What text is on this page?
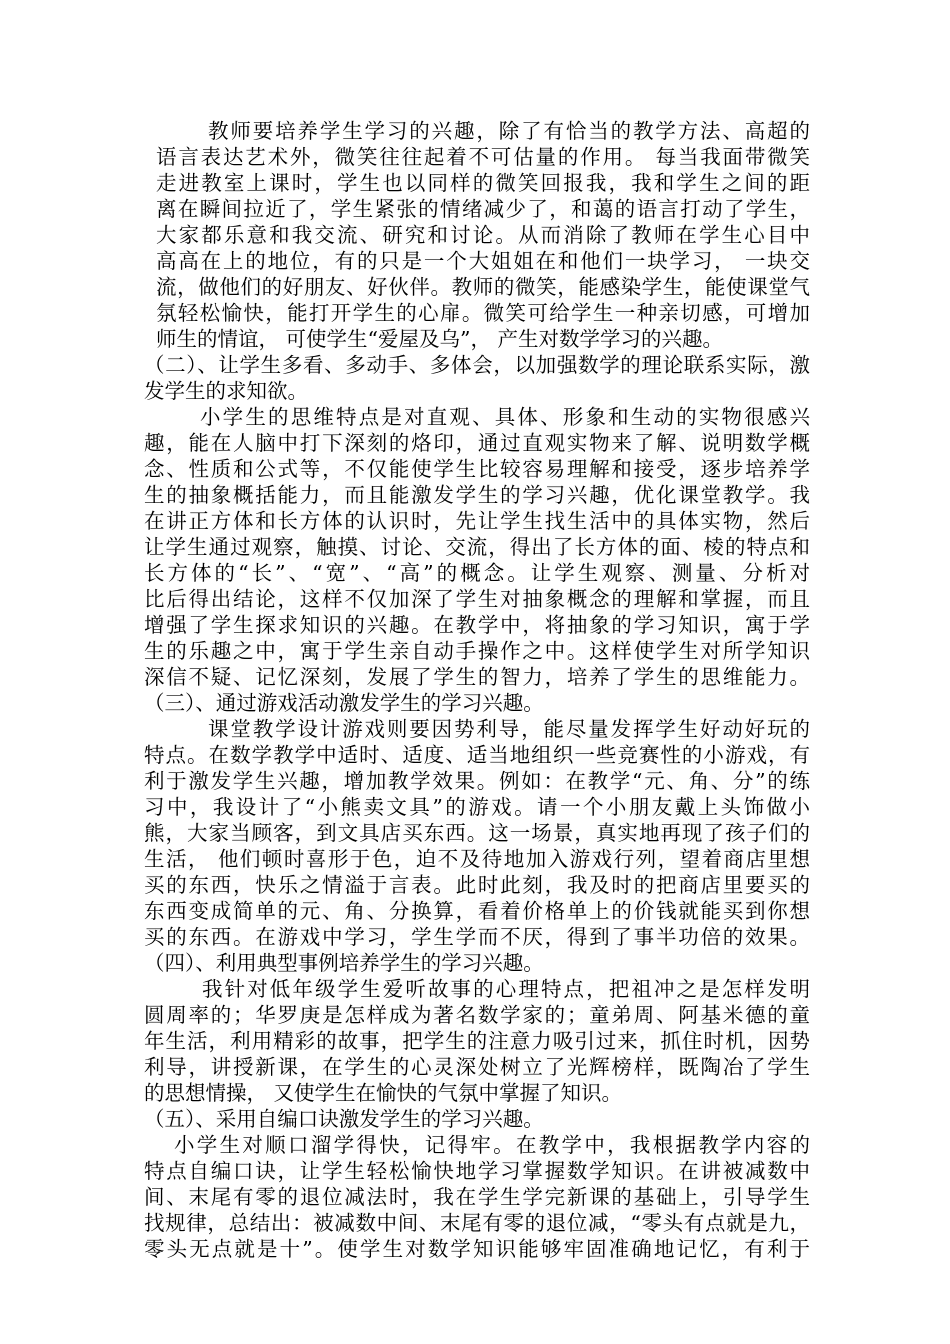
教师要培养学生学习的兴趣，除了有恰当的教学方法、高超的
语言表达艺术外，微笑往往起着不可估量的作用。 每当我面带微笑
走进教室上课时，学生也以同样的微笑回报我，我和学生之间的距
离在瞬间拉近了，学生紧张的情绪减少了，和蔼的语言打动了学生，
大家都乐意和我交流、研究和讨论。从而消除了教师在学生心目中
高高在上的地位，有的只是一个大姐姐在和他们一块学习， 一块交
流，做他们的好朋友、好伙伴。教师的微笑，能感染学生，能使课堂气
氛轻松愉快，能打开学生的心扉。微笑可给学生一种亲切感，可增加
师生的情谊， 可使学生“爱屋及乌”， 产生对数学学习的兴趣。
（二）、让学生多看、多动手、多体会，以加强数学的理论联系实际，激
发学生的求知欲。
小学生的思维特点是对直观、具体、形象和生动的实物很感兴
趣，能在人脑中打下深刻的烙印，通过直观实物来了解、说明数学概
念、性质和公式等，不仅能使学生比较容易理解和接受，逐步培养学
生的抽象概括能力，而且能激发学生的学习兴趣，优化课堂教学。我
在讲正方体和长方体的认识时，先让学生找生活中的具体实物，然后
让学生通过观察，触摸、讨论、交流，得出了长方体的面、棱的特点和
长方体的“长”、“宽”、“高”的概念。让学生观察、测量、分析对
比后得出结论，这样不仅加深了学生对抽象概念的理解和掌握，而且
增强了学生探求知识的兴趣。在教学中，将抽象的学习知识，寓于学
生的乐趣之中，寓于学生亲自动手操作之中。这样使学生对所学知识
深信不疑、记忆深刻，发展了学生的智力，培养了学生的思维能力。
（三）、通过游戏活动激发学生的学习兴趣。
课堂教学设计游戏则要因势利导，能尽量发挥学生好动好玩的
特点。在数学教学中适时、适度、适当地组织一些竞赛性的小游戏，有
利于激发学生兴趣，增加教学效果。例如：在教学“元、角、分”的练
习中，我设计了“小熊卖文具”的游戏。请一个小朋友戴上头饰做小
熊，大家当顾客，到文具店买东西。这一场景，真实地再现了孩子们的
生活， 他们顿时喜形于色，迫不及待地加入游戏行列，望着商店里想
买的东西，快乐之情溢于言表。此时此刻，我及时的把商店里要买的
东西变成简单的元、角、分换算，看着价格单上的价钱就能买到你想
买的东西。在游戏中学习，学生学而不厌，得到了事半功倍的效果。
（四）、利用典型事例培养学生的学习兴趣。
我针对低年级学生爱听故事的心理特点，把祖冲之是怎样发明
圆周率的；华罗庚是怎样成为著名数学家的；童弟周、阿基米德的童
年生活，利用精彩的故事，把学生的注意力吸引过来，抓住时机，因势
利导，讲授新课，在学生的心灵深处树立了光辉榜样，既陶冶了学生
的思想情操， 又使学生在愉快的气氛中掌握了知识。
（五）、采用自编口诀激发学生的学习兴趣。
小学生对顺口溜学得快，记得牢。在教学中，我根据教学内容的
特点自编口诀，让学生轻松愉快地学习掌握数学知识。在讲被减数中
间、末尾有零的退位减法时，我在学生学完新课的基础上，引导学生
找规律，总结出：被减数中间、末尾有零的退位减，“零头有点就是九，
零头无点就是十”。使学生对数学知识能够牢固准确地记忆，有利于
